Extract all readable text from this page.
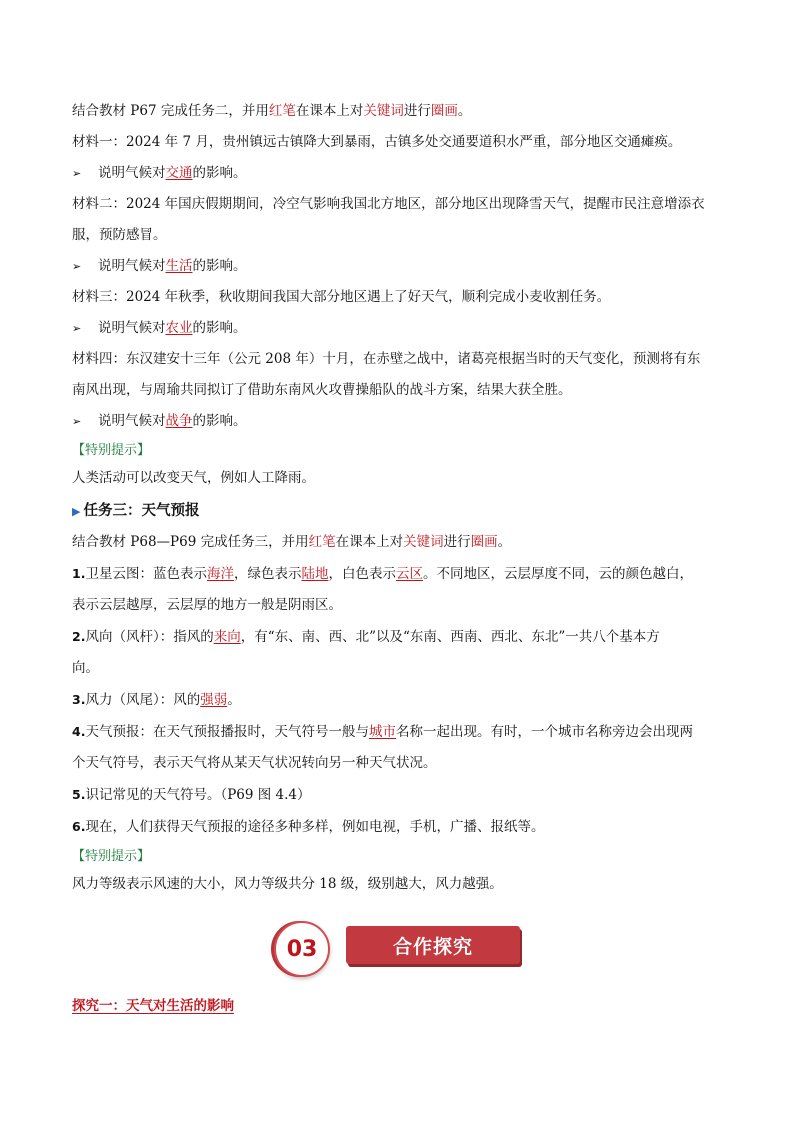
结合教材 P67 完成任务二，并用红笔在课本上对关键词进行圈画。
材料一：2024 年 7 月，贵州镇远古镇降大到暴雨，古镇多处交通要道积水严重，部分地区交通瘫痪。
➢ 说明气候对交通的影响。
材料二：2024 年国庆假期期间，冷空气影响我国北方地区，部分地区出现降雪天气，提醒市民注意增添衣
服，预防感冒。
➢ 说明气候对生活的影响。
材料三：2024 年秋季，秋收期间我国大部分地区遇上了好天气，顺利完成小麦收割任务。
➢ 说明气候对农业的影响。
材料四：东汉建安十三年（公元 208 年）十月，在赤壁之战中，诸葛亮根据当时的天气变化，预测将有东
南风出现，与周瑜共同拟订了借助东南风火攻曹操船队的战斗方案，结果大获全胜。
➢ 说明气候对战争的影响。
【特别提示】
人类活动可以改变天气，例如人工降雨。
▶ 任务三：天气预报
结合教材 P68—P69 完成任务三，并用红笔在课本上对关键词进行圈画。
1.卫星云图：蓝色表示海洋，绿色表示陆地，白色表示云区。不同地区，云层厚度不同，云的颜色越白，
表示云层越厚，云层厚的地方一般是阴雨区。
2.风向（风杆）：指风的来向，有“东、南、西、北”以及“东南、西南、西北、东北”一共八个基本方
向。
3.风力（风尾）：风的强弱。
4.天气预报：在天气预报播报时，天气符号一般与城市名称一起出现。有时，一个城市名称旁边会出现两
个天气符号，表示天气将从某天气状况转向另一种天气状况。
5.识记常见的天气符号。（P69 图 4.4）
6.现在，人们获得天气预报的途径多种多样，例如电视，手机，广播、报纸等。
【特别提示】
风力等级表示风速的大小，风力等级共分 18 级，级别越大，风力越强。
03	合作探究
探究一：天气对生活的影响
